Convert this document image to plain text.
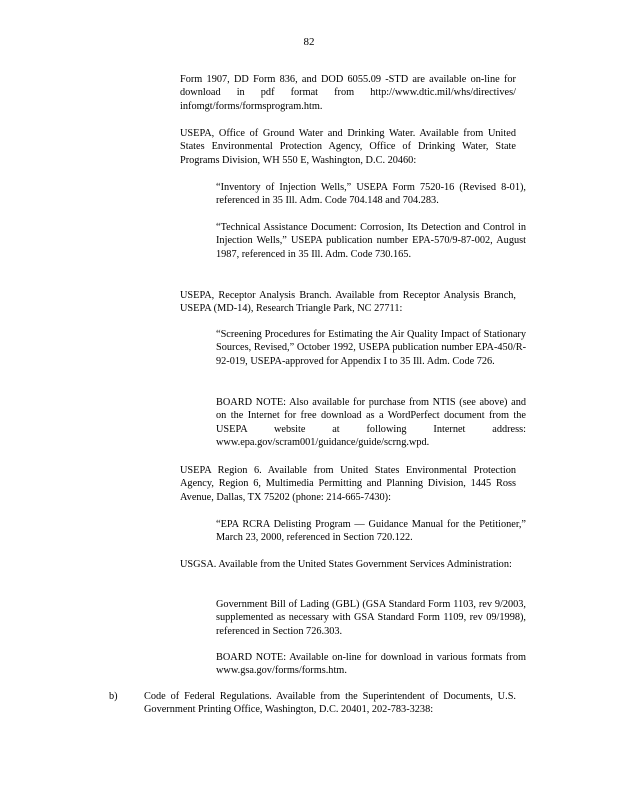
82
Form 1907, DD Form 836, and DOD 6055.09 -STD are available on-line for download in pdf format from http://www.dtic.mil/whs/directives/ infomgt/forms/formsprogram.htm.
USEPA, Office of Ground Water and Drinking Water. Available from United States Environmental Protection Agency, Office of Drinking Water, State Programs Division, WH 550 E, Washington, D.C. 20460:
“Inventory of Injection Wells,” USEPA Form 7520-16 (Revised 8-01), referenced in 35 Ill. Adm. Code 704.148 and 704.283.
“Technical Assistance Document: Corrosion, Its Detection and Control in Injection Wells,” USEPA publication number EPA-570/9-87-002, August 1987, referenced in 35 Ill. Adm. Code 730.165.
USEPA, Receptor Analysis Branch. Available from Receptor Analysis Branch, USEPA (MD-14), Research Triangle Park, NC 27711:
“Screening Procedures for Estimating the Air Quality Impact of Stationary Sources, Revised,” October 1992, USEPA publication number EPA-450/R-92-019, USEPA-approved for Appendix I to 35 Ill. Adm. Code 726.
BOARD NOTE: Also available for purchase from NTIS (see above) and on the Internet for free download as a WordPerfect document from the USEPA website at following Internet address: www.epa.gov/scram001/guidance/guide/scrng.wpd.
USEPA Region 6. Available from United States Environmental Protection Agency, Region 6, Multimedia Permitting and Planning Division, 1445 Ross Avenue, Dallas, TX 75202 (phone: 214-665-7430):
“EPA RCRA Delisting Program — Guidance Manual for the Petitioner,” March 23, 2000, referenced in Section 720.122.
USGSA. Available from the United States Government Services Administration:
Government Bill of Lading (GBL) (GSA Standard Form 1103, rev 9/2003, supplemented as necessary with GSA Standard Form 1109, rev 09/1998), referenced in Section 726.303.
BOARD NOTE: Available on-line for download in various formats from www.gsa.gov/forms/forms.htm.
b)	Code of Federal Regulations. Available from the Superintendent of Documents, U.S. Government Printing Office, Washington, D.C. 20401, 202-783-3238:
